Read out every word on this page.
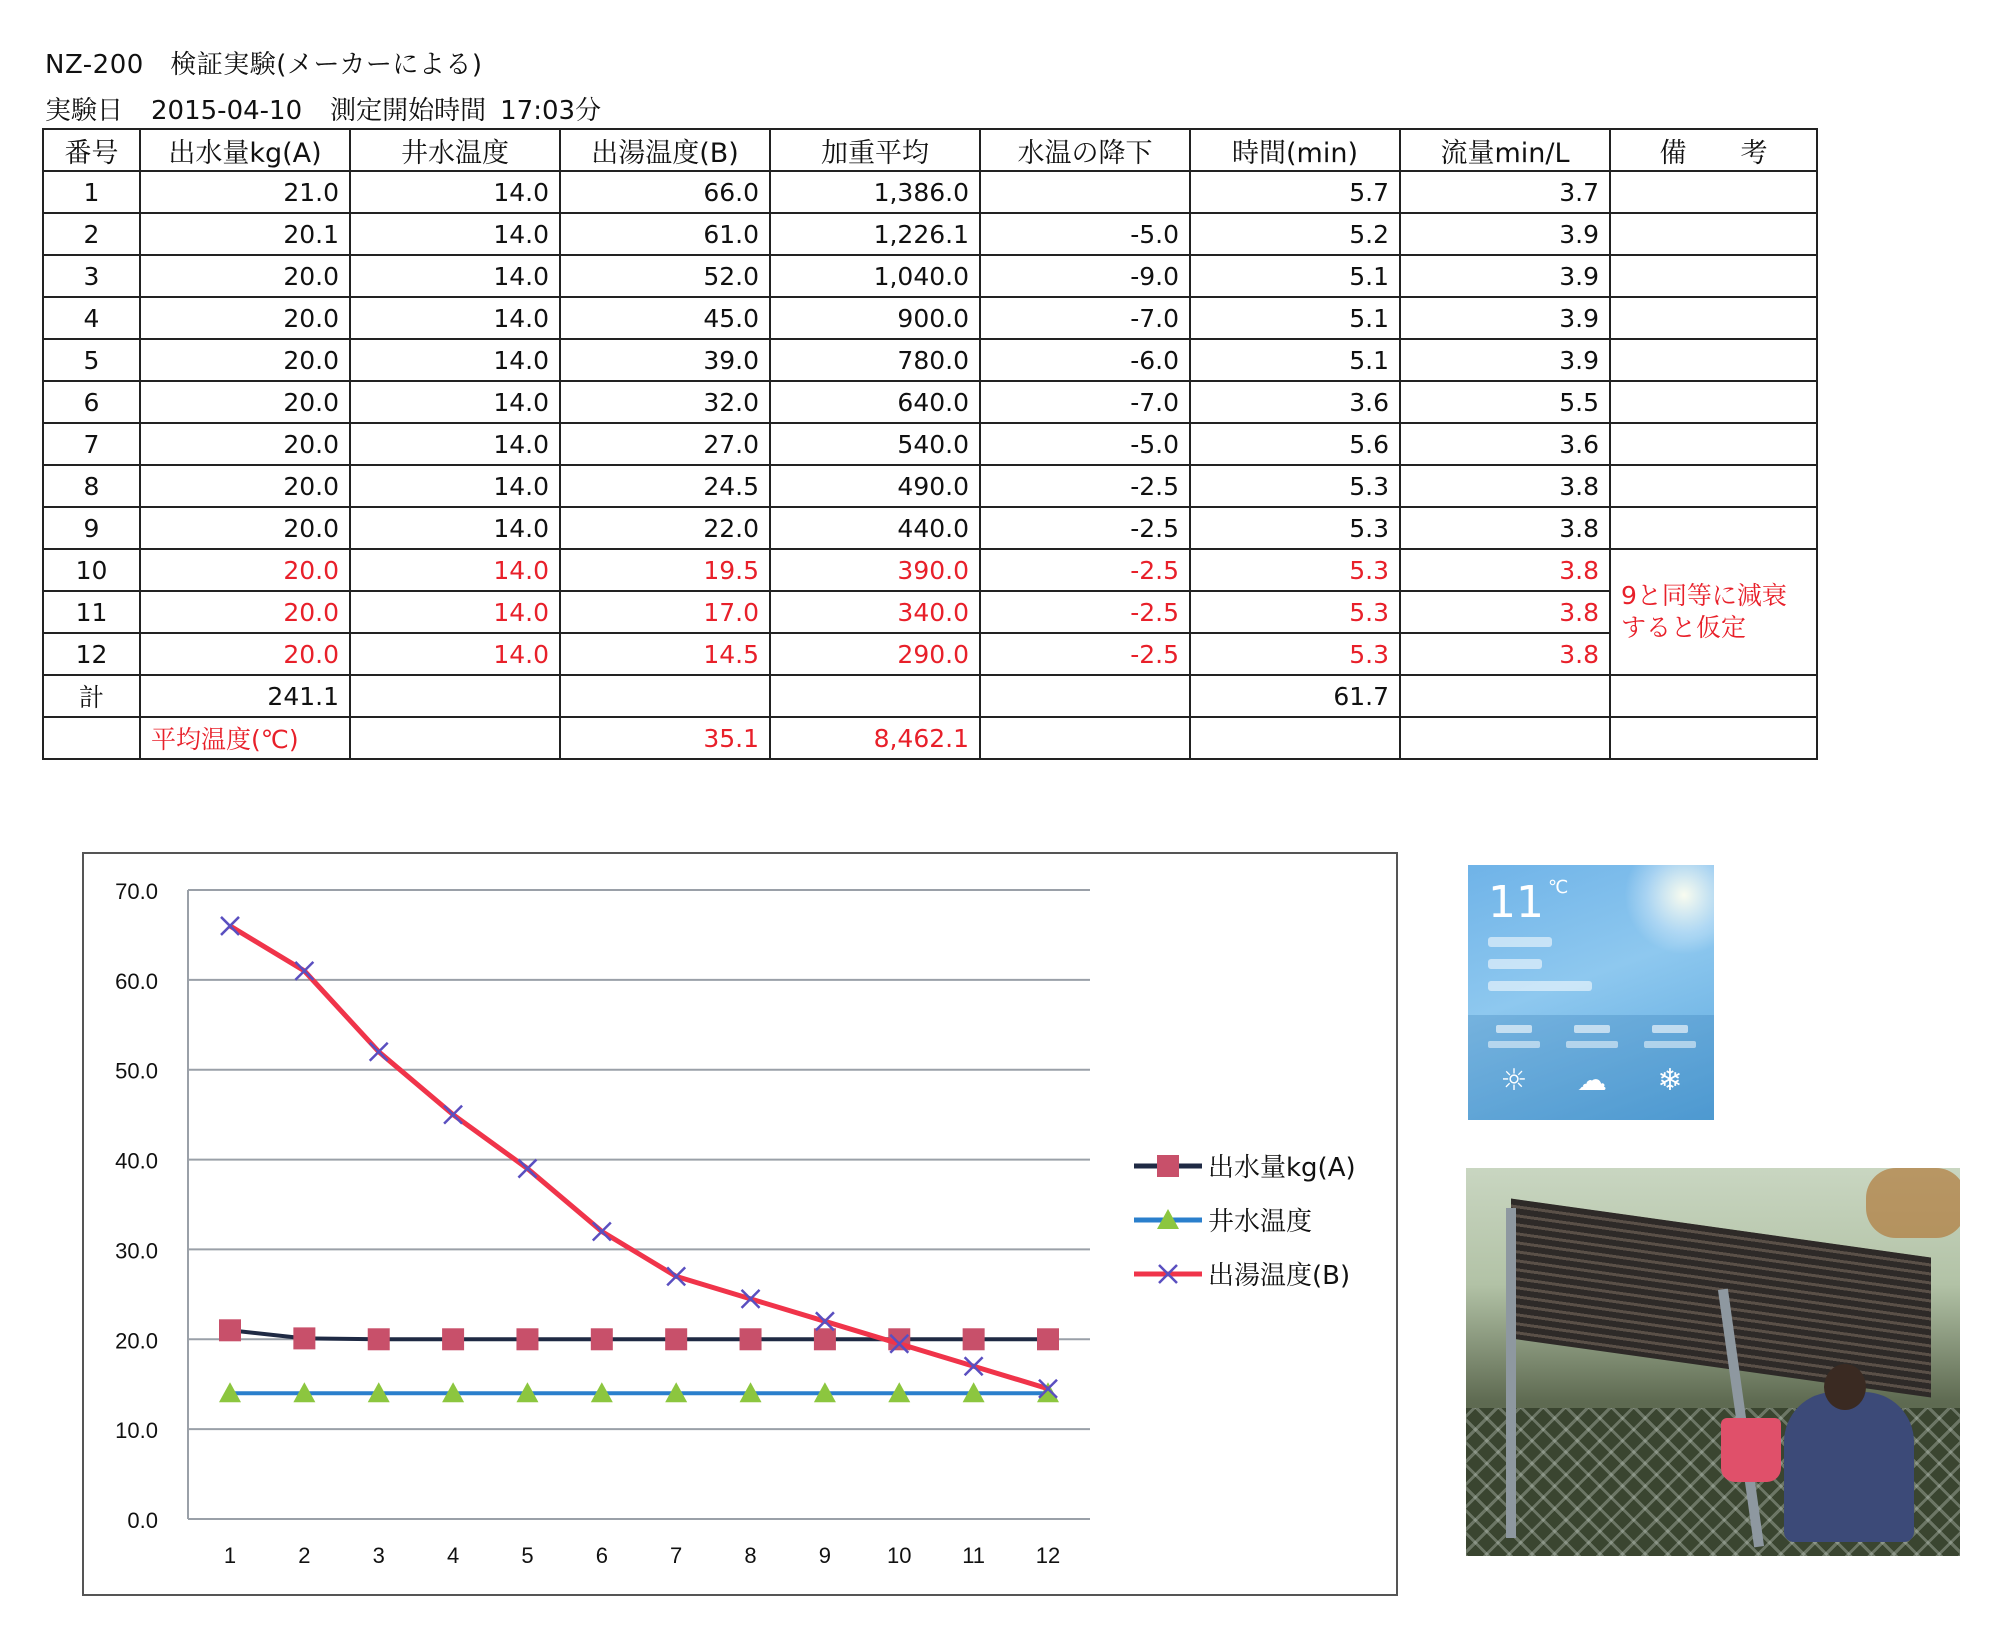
NZ-200　検証実験(メーカーによる)
実験日 2015-04-10 測定開始時間 17:03分
番号	出水量kg(A)	井水温度	出湯温度(B)	加重平均	水温の降下	時間(min)	流量min/L	備　　考
1	21.0	14.0	66.0	1,386.0		5.7	3.7	
2	20.1	14.0	61.0	1,226.1	-5.0	5.2	3.9	
3	20.0	14.0	52.0	1,040.0	-9.0	5.1	3.9	
4	20.0	14.0	45.0	900.0	-7.0	5.1	3.9	
5	20.0	14.0	39.0	780.0	-6.0	5.1	3.9	
6	20.0	14.0	32.0	640.0	-7.0	3.6	5.5	
7	20.0	14.0	27.0	540.0	-5.0	5.6	3.6	
8	20.0	14.0	24.5	490.0	-2.5	5.3	3.8	
9	20.0	14.0	22.0	440.0	-2.5	5.3	3.8	
10	20.0	14.0	19.5	390.0	-2.5	5.3	3.8	9と同等に減衰すると仮定
11	20.0	14.0	17.0	340.0	-2.5	5.3	3.8	
12	20.0	14.0	14.5	290.0	-2.5	5.3	3.8	
計	241.1					61.7		
	平均温度(℃)		35.1	8,462.1				
0.0
10.0
20.0
30.0
40.0
50.0
60.0
70.0
1	2	3	4	5	6	7	8	9	10 11 12
出水量kg(A)
井水温度
出湯温度(B)
11 ℃
☼	☁	❄
